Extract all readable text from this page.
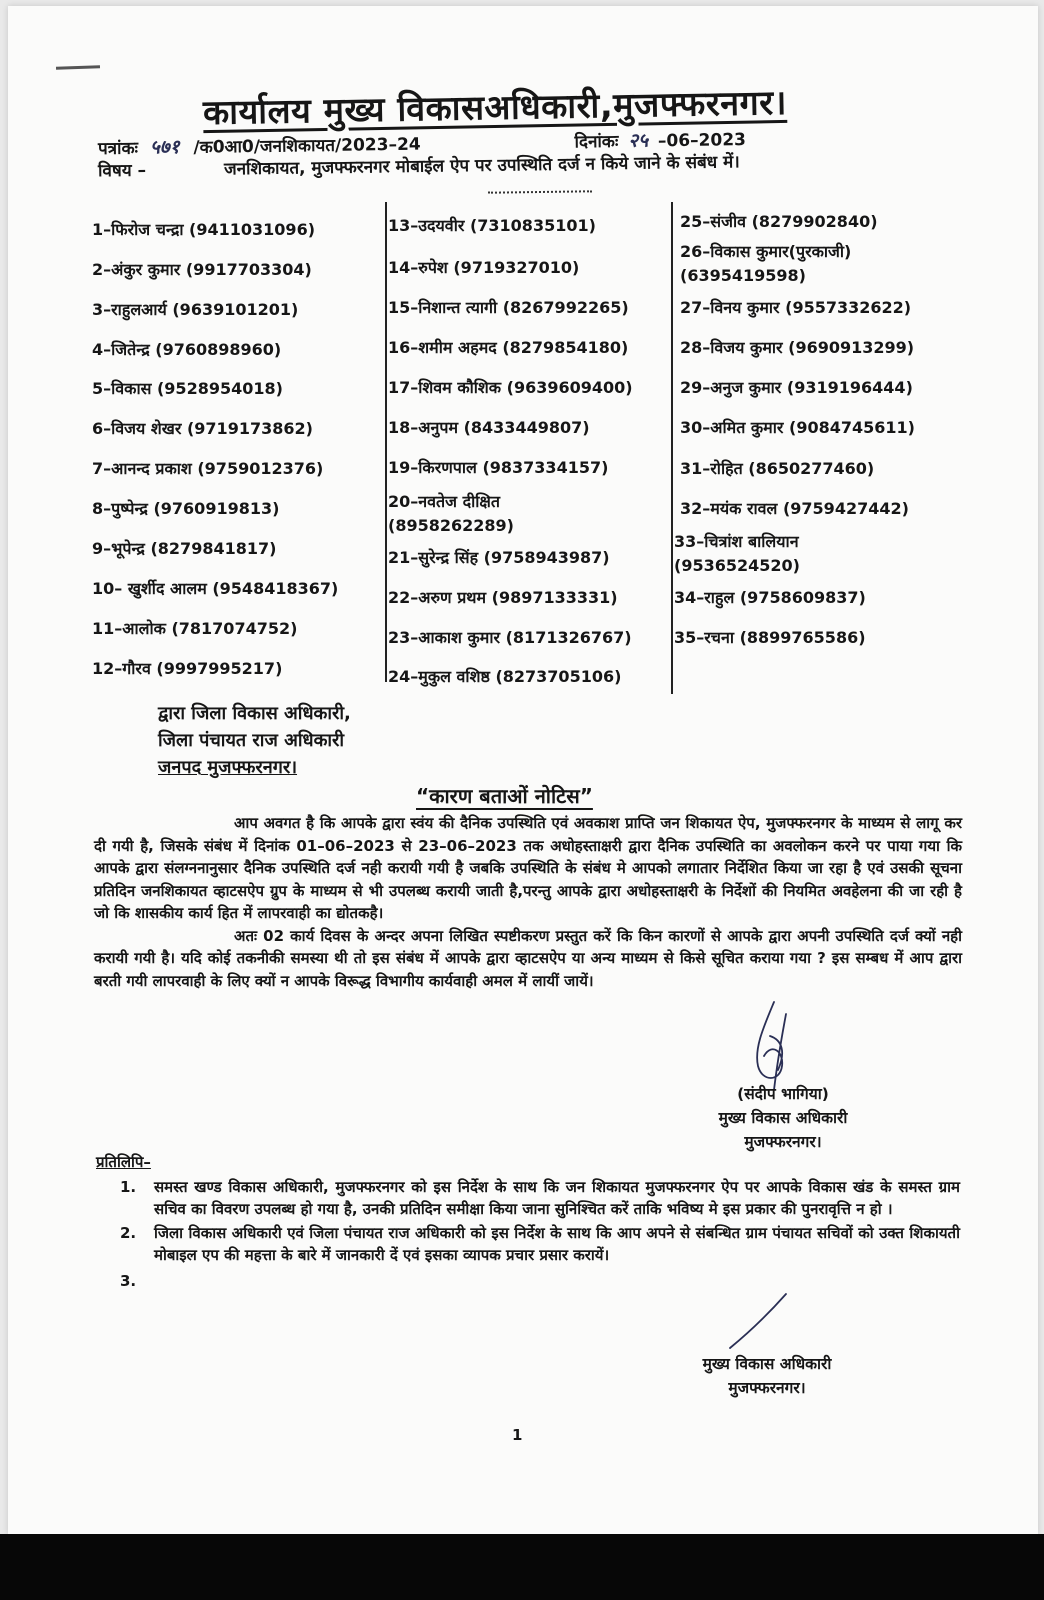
कार्यालय मुख्य विकासअधिकारी,मुजफ्फरनगर।
पत्रांकः ५७१ /क0आ0/जनशिकायत/2023–24	दिनांकः २५ –06–2023
विषय –	जनशिकायत, मुजफ्फरनगर मोबाईल ऐप पर उपस्थिति दर्ज न किये जाने के संबंध में।
1–फिरोज चन्द्रा (9411031096)
2–अंकुर कुमार (9917703304)
3–राहुलआर्य (9639101201)
4–जितेन्द्र (9760898960)
5–विकास (9528954018)
6–विजय शेखर (9719173862)
7–आनन्द प्रकाश (9759012376)
8–पुष्पेन्द्र (9760919813)
9–भूपेन्द्र (8279841817)
10– खुर्शीद आलम (9548418367)
11–आलोक (7817074752)
12–गौरव (9997995217)
13–उदयवीर (7310835101)
14–रुपेश (9719327010)
15–निशान्त त्यागी (8267992265)
16–शमीम अहमद (8279854180)
17–शिवम कौशिक (9639609400)
18–अनुपम (8433449807)
19–किरणपाल (9837334157)
20–नवतेज दीक्षित (8958262289)
21–सुरेन्द्र सिंह (9758943987)
22–अरुण प्रथम (9897133331)
23–आकाश कुमार (8171326767)
24–मुकुल वशिष्ठ (8273705106)
25–संजीव (8279902840)
26–विकास कुमार(पुरकाजी) (6395419598)
27–विनय कुमार (9557332622)
28–विजय कुमार (9690913299)
29–अनुज कुमार (9319196444)
30–अमित कुमार (9084745611)
31–रोहित (8650277460)
32–मयंक रावल (9759427442)
33–चित्रांश बालियान (9536524520)
34–राहुल (9758609837)
35–रचना (8899765586)
द्वारा जिला विकास अधिकारी,
जिला पंचायत राज अधिकारी
जनपद मुजफ्फरनगर।
“कारण बताओं नोटिस”

आप अवगत है कि आपके द्वारा स्वंय की दैनिक उपस्थिति एवं अवकाश प्राप्ति जन शिकायत ऐप, मुजफ्फरनगर के माध्यम से लागू कर दी गयी है, जिसके संबंध में दिनांक 01–06–2023 से 23–06–2023 तक अधोहस्ताक्षरी द्वारा दैनिक उपस्थिति का अवलोकन करने पर पाया गया कि आपके द्वारा संलग्ननानुसार दैनिक उपस्थिति दर्ज नही करायी गयी है जबकि उपस्थिति के संबंध मे आपको लगातार निर्देशित किया जा रहा है एवं उसकी सूचना प्रतिदिन जनशिकायत व्हाटसऐप ग्रुप के माध्यम से भी उपलब्ध करायी जाती है,परन्तु आपके द्वारा अधोहस्ताक्षरी के निर्देशों की नियमित अवहेलना की जा रही है जो कि शासकीय कार्य हित में लापरवाही का द्योतकहै।

अतः 02 कार्य दिवस के अन्दर अपना लिखित स्पष्टीकरण प्रस्तुत करें कि किन कारणों से आपके द्वारा अपनी उपस्थिति दर्ज क्यों नही करायी गयी है। यदि कोई तकनीकी समस्या थी तो इस संबंध में आपके द्वारा व्हाटसऐप या अन्य माध्यम से किसे सूचित कराया गया ? इस सम्बध में आप द्वारा बरती गयी लापरवाही के लिए क्यों न आपके विरूद्ध विभागीय कार्यवाही अमल में लायीं जायें।

(संदीप भागिया)
मुख्य विकास अधिकारी
मुजफ्फरनगर।
प्रतिलिपि–
1. समस्त खण्ड विकास अधिकारी, मुजफ्फरनगर को इस निर्देश के साथ कि जन शिकायत मुजफ्फरनगर ऐप पर आपके विकास खंड के समस्त ग्राम सचिव का विवरण उपलब्ध हो गया है, उनकी प्रतिदिन समीक्षा किया जाना सुनिश्चित करें ताकि भविष्य मे इस प्रकार की पुनरावृत्ति न हो ।
2. जिला विकास अधिकारी एवं जिला पंचायत राज अधिकारी को इस निर्देश के साथ कि आप अपने से संबन्धित ग्राम पंचायत सचिवों को उक्त शिकायती मोबाइल एप की महत्ता के बारे में जानकारी दें एवं इसका व्यापक प्रचार प्रसार करायें।
3.
मुख्य विकास अधिकारी
मुजफ्फरनगर।
1
